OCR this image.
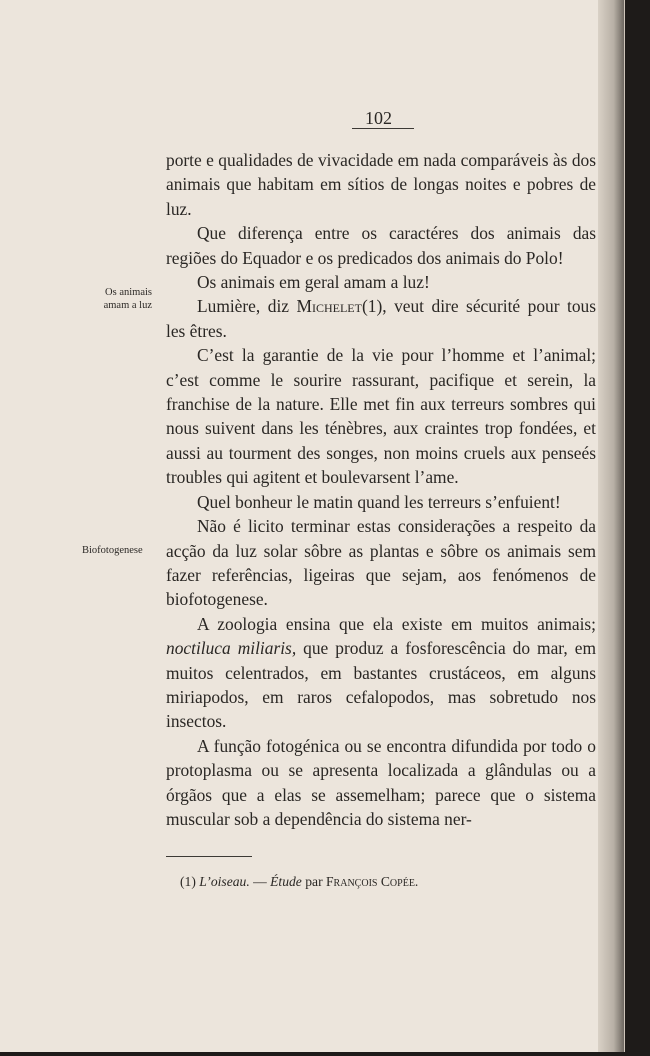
102
Os animais
amam a luz
Biofotogenese

porte e qualidades de vivacidade em nada comparáveis às dos animais que habitam em sítios de longas noites e pobres de luz.

Que diferença entre os caractéres dos animais das regiões do Equador e os predicados dos animais do Polo!

Os animais em geral amam a luz!

Lumière, diz Michelet(1), veut dire sécurité pour tous les êtres.

C’est la garantie de la vie pour l’homme et l’animal; c’est comme le sourire rassurant, pacifique et serein, la franchise de la nature. Elle met fin aux terreurs sombres qui nous suivent dans les ténèbres, aux craintes trop fondées, et aussi au tourment des songes, non moins cruels aux penseés troubles qui agitent et boulevarsent l’ame.

Quel bonheur le matin quand les terreurs s’enfuient!

Não é licito terminar estas considerações a respeito da acção da luz solar sôbre as plantas e sôbre os animais sem fazer referências, ligeiras que sejam, aos fenómenos de biofotogenese.

A zoologia ensina que ela existe em muitos animais; noctiluca miliaris, que produz a fosforescência do mar, em muitos celentrados, em bastantes crustáceos, em alguns miriapodos, em raros cefalopodos, mas sobretudo nos insectos.

A função fotogénica ou se encontra difundida por todo o protoplasma ou se apresenta localizada a glândulas ou a órgãos que a elas se assemelham; parece que o sistema muscular sob a dependência do sistema ner-

(1) L’oiseau. — Étude par François Copée.
